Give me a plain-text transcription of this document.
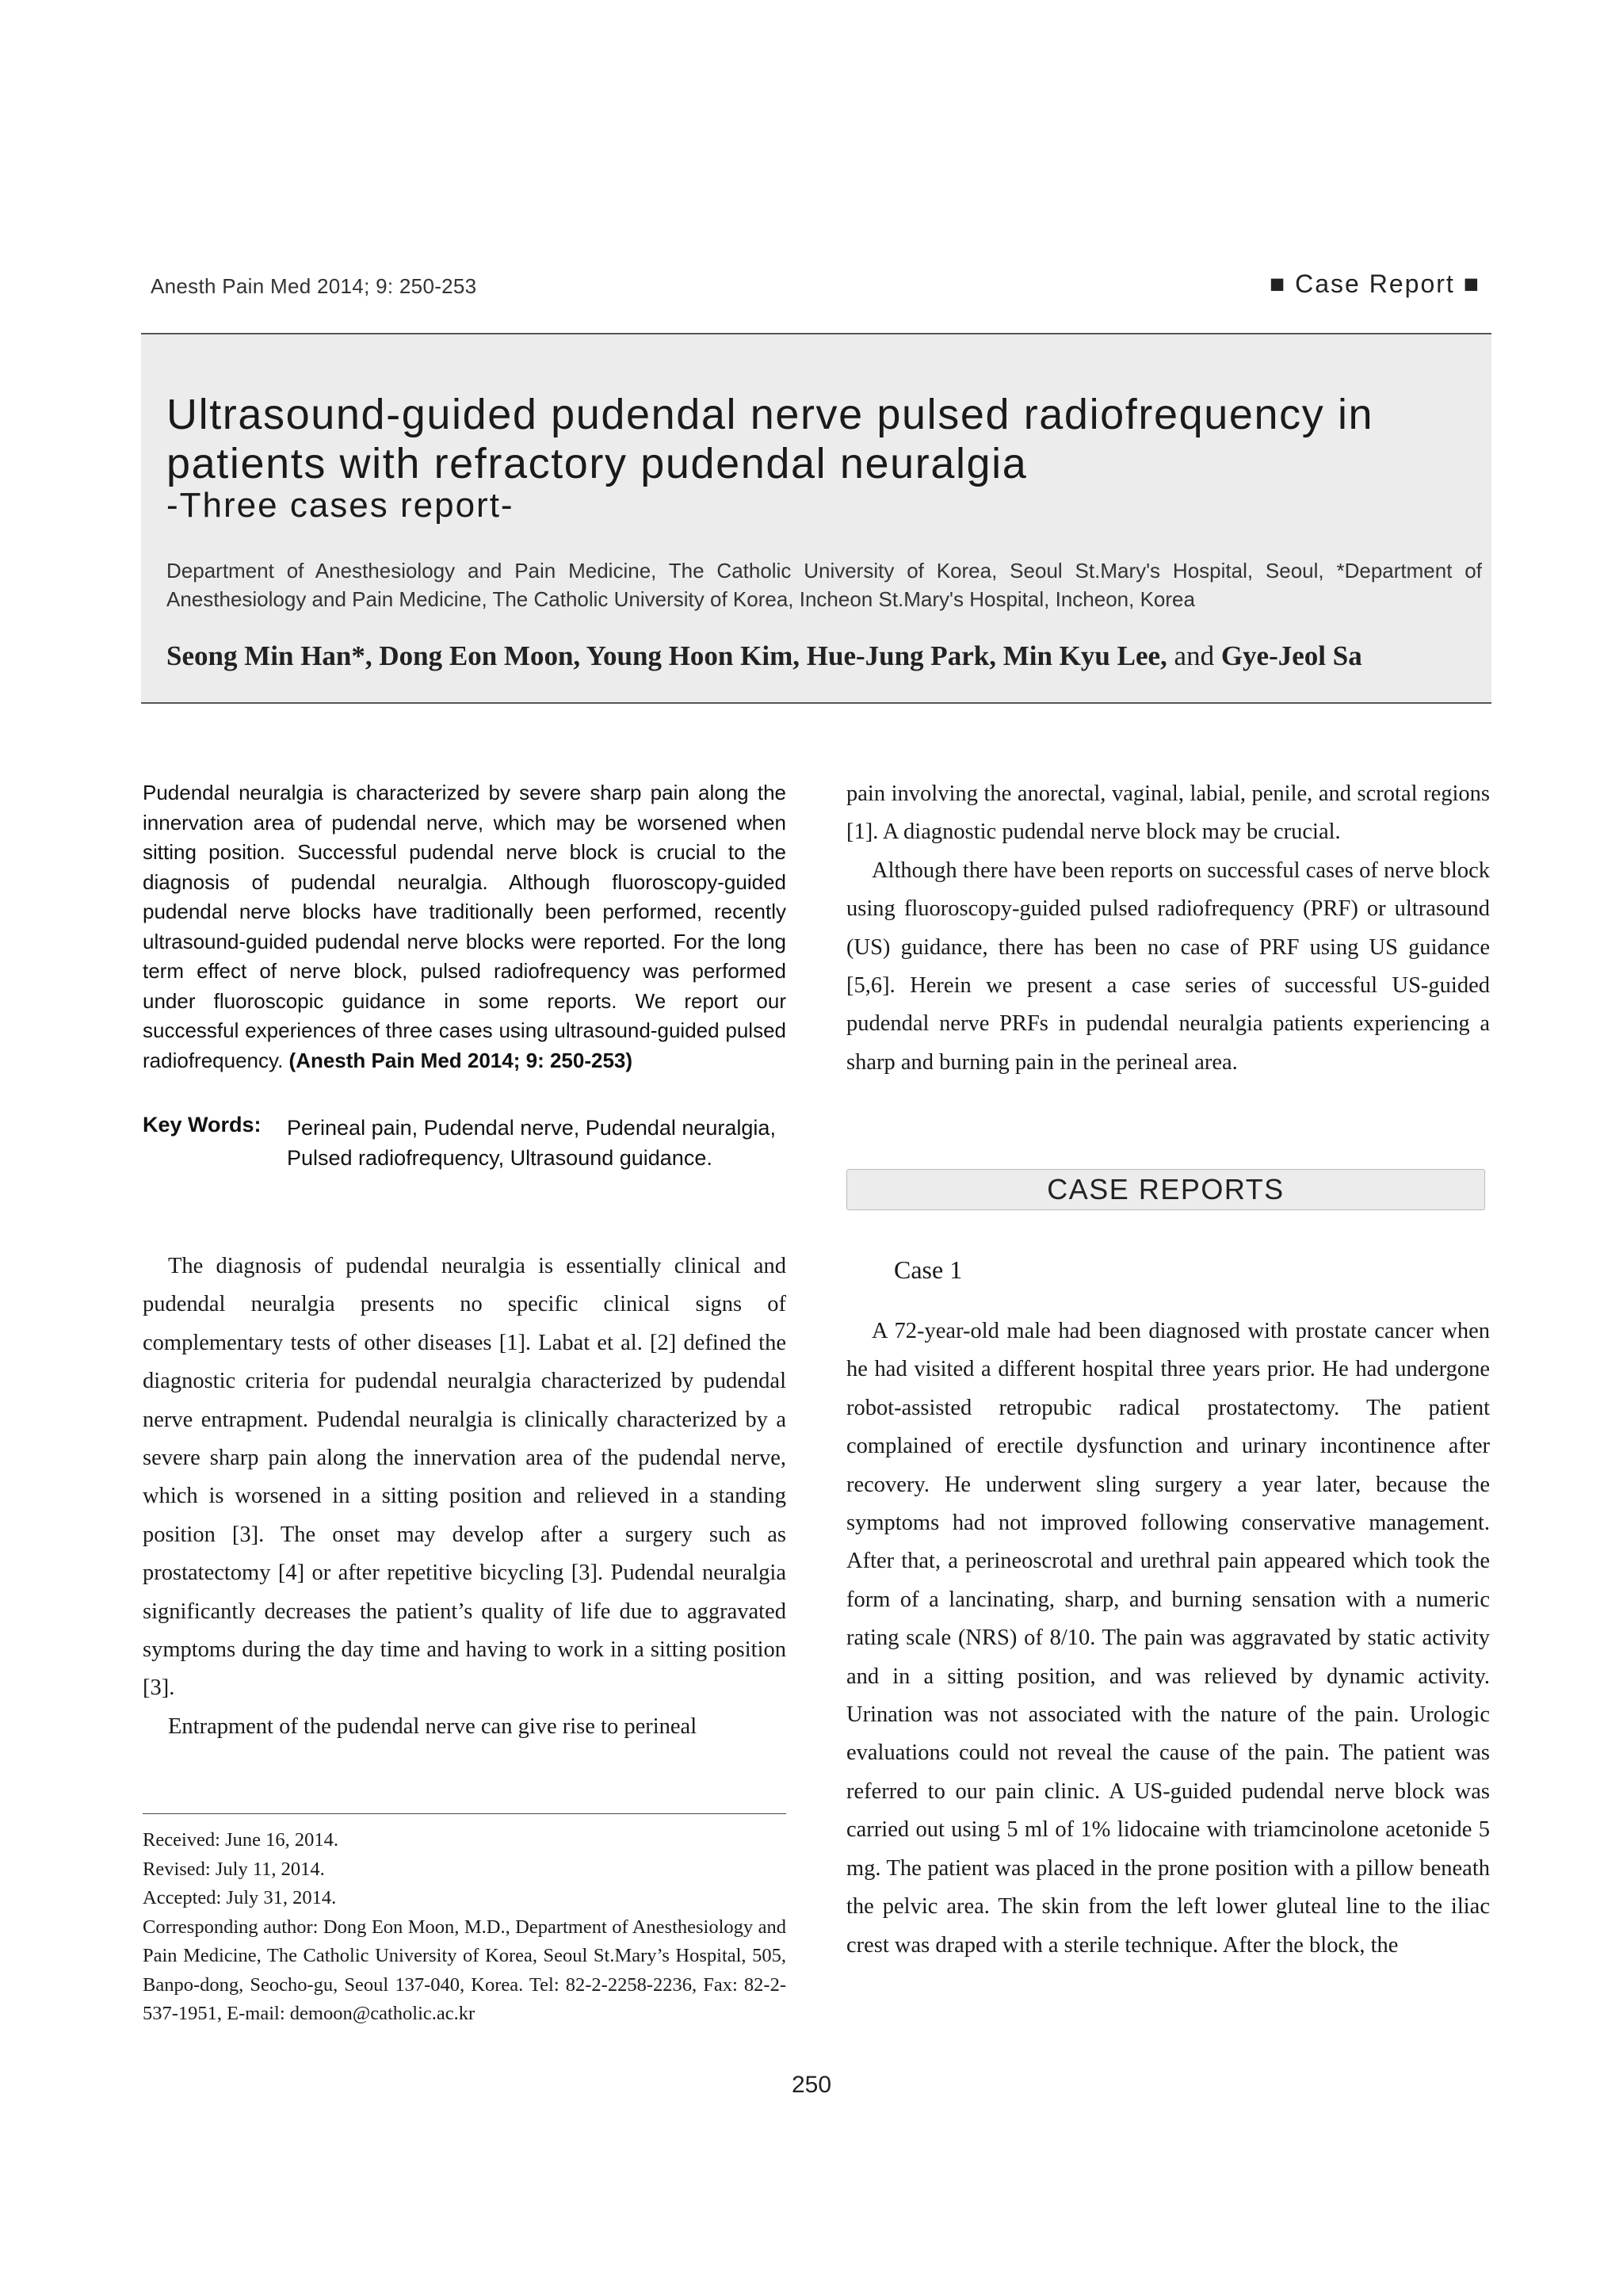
Anesth Pain Med 2014; 9: 250-253	■ Case Report ■
Ultrasound-guided pudendal nerve pulsed radiofrequency in patients with refractory pudendal neuralgia
-Three cases report-
Department of Anesthesiology and Pain Medicine, The Catholic University of Korea, Seoul St.Mary's Hospital, Seoul, *Department of Anesthesiology and Pain Medicine, The Catholic University of Korea, Incheon St.Mary's Hospital, Incheon, Korea
Seong Min Han*, Dong Eon Moon, Young Hoon Kim, Hue-Jung Park, Min Kyu Lee, and Gye-Jeol Sa

Pudendal neuralgia is characterized by severe sharp pain along the innervation area of pudendal nerve, which may be worsened when sitting position. Successful pudendal nerve block is crucial to the diagnosis of pudendal neuralgia. Although fluoroscopy-guided pudendal nerve blocks have traditionally been performed, recently ultrasound-guided pudendal nerve blocks were reported. For the long term effect of nerve block, pulsed radiofrequency was performed under fluoroscopic guidance in some reports. We report our successful experiences of three cases using ultrasound-guided pulsed radiofrequency. (Anesth Pain Med 2014; 9: 250-253)

Key Words: Perineal pain, Pudendal nerve, Pudendal neuralgia, Pulsed radiofrequency, Ultrasound guidance.

The diagnosis of pudendal neuralgia is essentially clinical and pudendal neuralgia presents no specific clinical signs of complementary tests of other diseases [1]. Labat et al. [2] defined the diagnostic criteria for pudendal neuralgia characterized by pudendal nerve entrapment. Pudendal neuralgia is clinically characterized by a severe sharp pain along the innervation area of the pudendal nerve, which is worsened in a sitting position and relieved in a standing position [3]. The onset may develop after a surgery such as prostatectomy [4] or after repetitive bicycling [3]. Pudendal neuralgia significantly decreases the patient’s quality of life due to aggravated symptoms during the day time and having to work in a sitting position [3].

Entrapment of the pudendal nerve can give rise to perineal

pain involving the anorectal, vaginal, labial, penile, and scrotal regions [1]. A diagnostic pudendal nerve block may be crucial.

Although there have been reports on successful cases of nerve block using fluoroscopy-guided pulsed radiofrequency (PRF) or ultrasound (US) guidance, there has been no case of PRF using US guidance [5,6]. Herein we present a case series of successful US-guided pudendal nerve PRFs in pudendal neuralgia patients experiencing a sharp and burning pain in the perineal area.

CASE REPORTS
Case 1

A 72-year-old male had been diagnosed with prostate cancer when he had visited a different hospital three years prior. He had undergone robot-assisted retropubic radical prostatectomy. The patient complained of erectile dysfunction and urinary incontinence after recovery. He underwent sling surgery a year later, because the symptoms had not improved following conservative management. After that, a perineoscrotal and urethral pain appeared which took the form of a lancinating, sharp, and burning sensation with a numeric rating scale (NRS) of 8/10. The pain was aggravated by static activity and in a sitting position, and was relieved by dynamic activity. Urination was not associated with the nature of the pain. Urologic evaluations could not reveal the cause of the pain. The patient was referred to our pain clinic. A US-guided pudendal nerve block was carried out using 5 ml of 1% lidocaine with triamcinolone acetonide 5 mg. The patient was placed in the prone position with a pillow beneath the pelvic area. The skin from the left lower gluteal line to the iliac crest was draped with a sterile technique. After the block, the

Received: June 16, 2014.
Revised: July 11, 2014.
Accepted: July 31, 2014.
Corresponding author: Dong Eon Moon, M.D., Department of Anesthesiology and Pain Medicine, The Catholic University of Korea, Seoul St.Mary’s Hospital, 505, Banpo-dong, Seocho-gu, Seoul 137-040, Korea. Tel: 82-2-2258-2236, Fax: 82-2-537-1951, E-mail: demoon@catholic.ac.kr
250
